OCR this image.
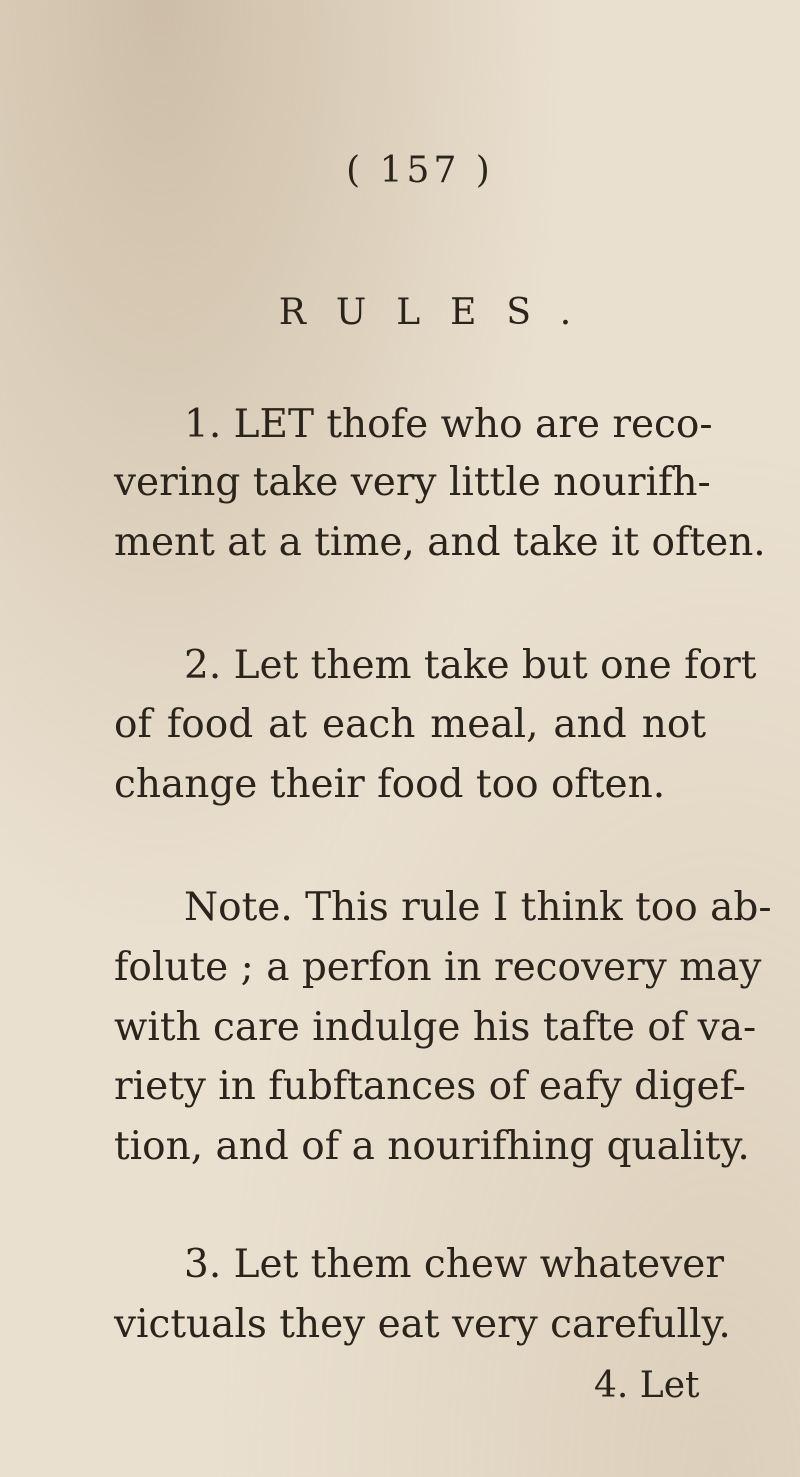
( 157 )
RULES.
1. LET thofe who are reco-
vering take very little nourifh-
ment at a time, and take it often.
2. Let them take but one fort
of food at each meal, and not
change their food too often.
Note. This rule I think too ab-
folute ; a perfon in recovery may
with care indulge his tafte of va-
riety in fubftances of eafy digef-
tion, and of a nourifhing quality.
3. Let them chew whatever
victuals they eat very carefully.
4. Let
